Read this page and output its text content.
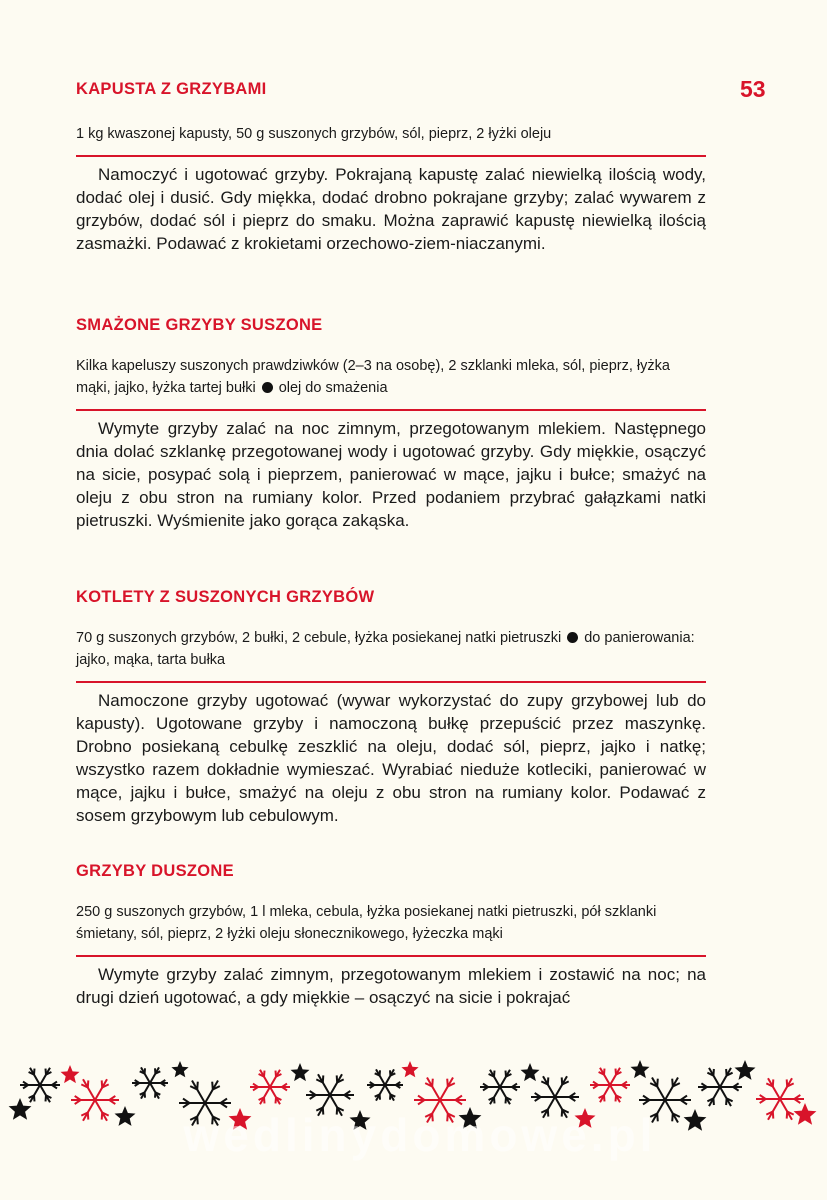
53
KAPUSTA Z GRZYBAMI

1 kg kwaszonej kapusty, 50 g suszonych grzybów, sól, pieprz, 2 łyżki oleju

Namoczyć i ugotować grzyby. Pokrajaną kapustę zalać niewielką ilością wody, dodać olej i dusić. Gdy miękka, dodać drobno pokrajane grzyby; zalać wywarem z grzybów, dodać sól i pieprz do smaku. Można zaprawić kapustę niewielką ilością zasmażki. Podawać z krokietami orzechowo-ziem-niaczanymi.

SMAŻONE GRZYBY SUSZONE

Kilka kapeluszy suszonych prawdziwków (2–3 na osobę), 2 szklanki mleka, sól, pieprz, łyżka mąki, jajko, łyżka tartej bułki olej do smażenia

Wymyte grzyby zalać na noc zimnym, przegotowanym mlekiem. Następnego dnia dolać szklankę przegotowanej wody i ugotować grzyby. Gdy miękkie, osączyć na sicie, posypać solą i pieprzem, panierować w mące, jajku i bułce; smażyć na oleju z obu stron na rumiany kolor. Przed podaniem przybrać gałązkami natki pietruszki. Wyśmienite jako gorąca zakąska.

KOTLETY Z SUSZONYCH GRZYBÓW

70 g suszonych grzybów, 2 bułki, 2 cebule, łyżka posiekanej natki pietruszki do panierowania: jajko, mąka, tarta bułka

Namoczone grzyby ugotować (wywar wykorzystać do zupy grzybowej lub do kapusty). Ugotowane grzyby i namoczoną bułkę przepuścić przez maszynkę. Drobno posiekaną cebulkę zeszklić na oleju, dodać sól, pieprz, jajko i natkę; wszystko razem dokładnie wymieszać. Wyrabiać nieduże kotleciki, panierować w mące, jajku i bułce, smażyć na oleju z obu stron na rumiany kolor. Podawać z sosem grzybowym lub cebulowym.

GRZYBY DUSZONE

250 g suszonych grzybów, 1 l mleka, cebula, łyżka posiekanej natki pietruszki, pół szklanki śmietany, sól, pieprz, 2 łyżki oleju słonecznikowego, łyżeczka mąki

Wymyte grzyby zalać zimnym, przegotowanym mlekiem i zostawić na noc; na drugi dzień ugotować, a gdy miękkie – osączyć na sicie i pokrajać

wedlinydomowe.pl
